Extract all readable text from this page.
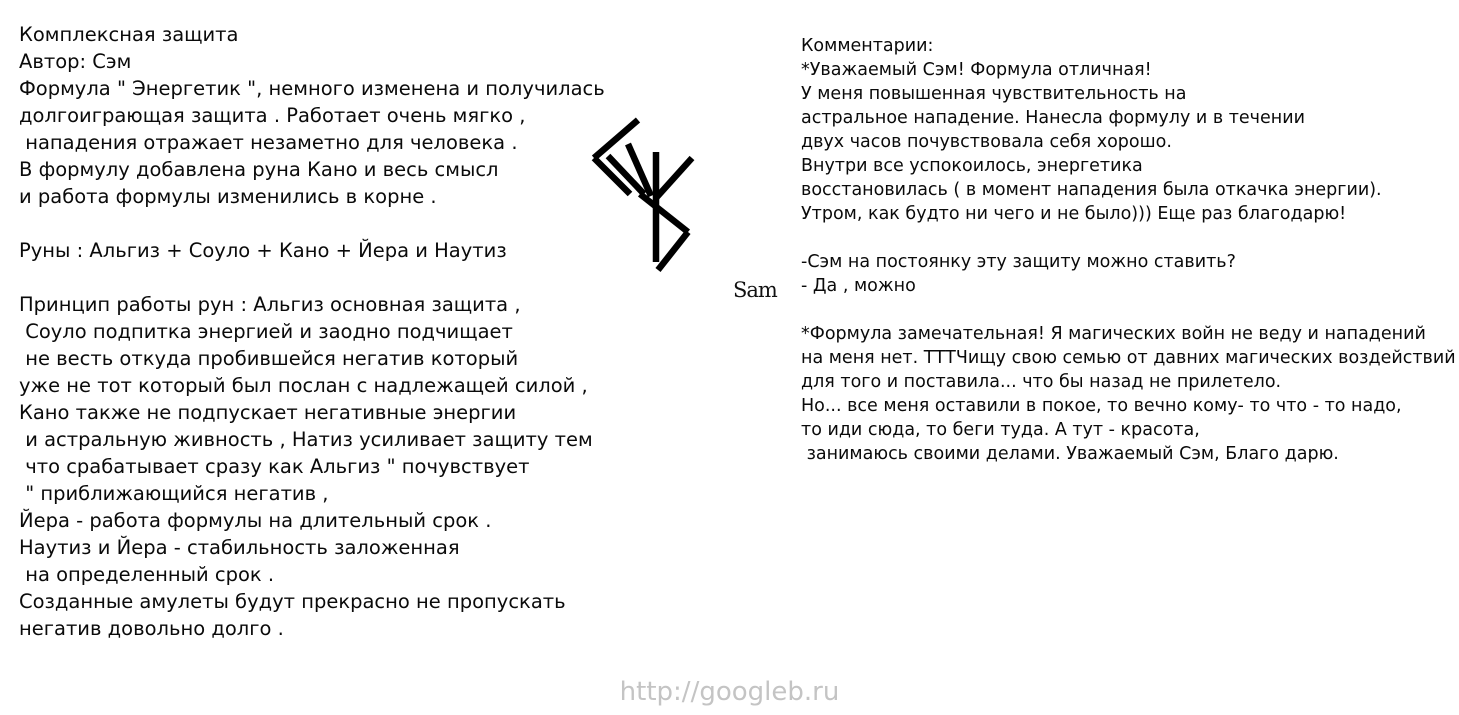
Комплексная защита
Автор: Сэм
Формула " Энергетик ", немного изменена и получилась
долгоиграющая защита . Работает очень мягко ,
нападения отражает незаметно для человека .
В формулу добавлена руна Кано и весь смысл
и работа формулы изменились в корне .
Руны : Альгиз + Соуло + Кано + Йера и Наутиз
Принцип работы рун : Альгиз основная защита ,
Соуло подпитка энергией и заодно подчищает
не весть откуда пробившейся негатив который
уже не тот который был послан с надлежащей силой ,
Кано также не подпускает негативные энергии
и астральную живность , Натиз усиливает защиту тем
что срабатывает сразу как Альгиз " почувствует
" приближающийся негатив ,
Йера - работа формулы на длительный срок .
Наутиз и Йера - стабильность заложенная
на определенный срок .
Созданные амулеты будут прекрасно не пропускать
негатив довольно долго .
Sam
Комментарии:
*Уважаемый Сэм! Формула отличная!
У меня повышенная чувствительность на
астральное нападение. Нанесла формулу и в течении
двух часов почувствовала себя хорошо.
Внутри все успокоилось, энергетика
восстановилась ( в момент нападения была откачка энергии).
Утром, как будто ни чего и не было))) Еще раз благодарю!
-Сэм на постоянку эту защиту можно ставить?
- Да , можно
*Формула замечательная! Я магических войн не веду и нападений
на меня нет. ТТТЧищу свою семью от давних магических воздействий
для того и поставила... что бы назад не прилетело.
Но... все меня оставили в покое, то вечно кому- то что - то надо,
то иди сюда, то беги туда. А тут - красота,
занимаюсь своими делами. Уважаемый Сэм, Благо дарю.
http://googleb.ru
